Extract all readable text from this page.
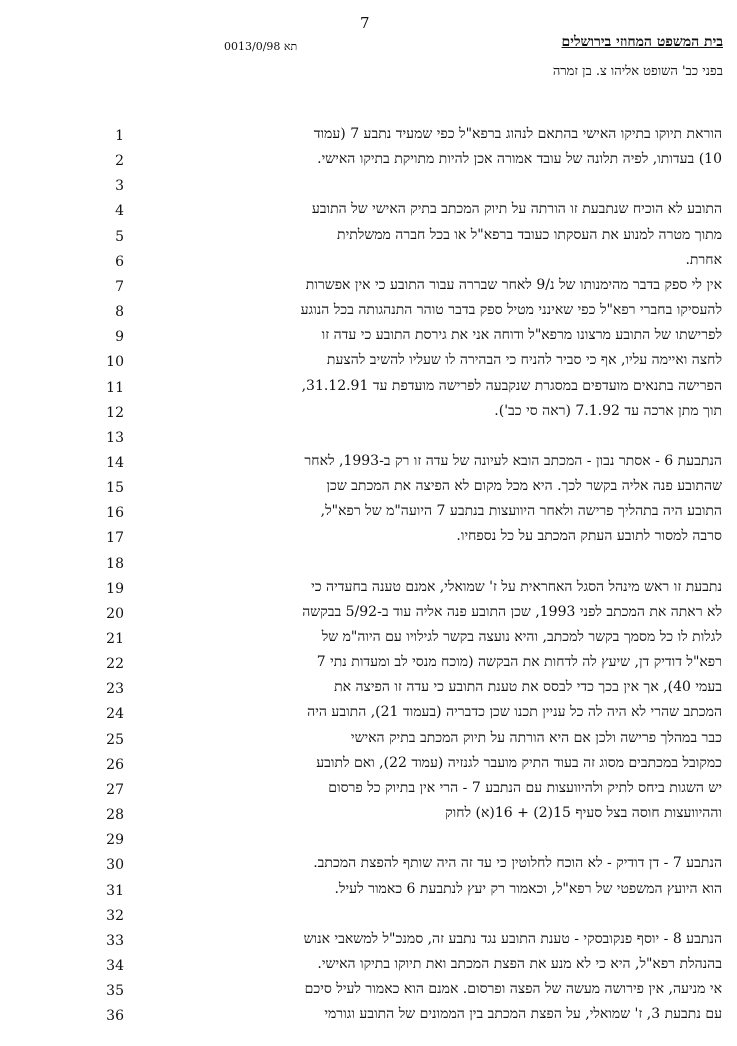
7
בית המשפט המחוזי בירושלים
תא 0013/0/98
בפני כב' השופט אליהו צ. בן זמרה
1	הוראת תיוקו בתיקו האישי בהתאם לנהוג ברפא"ל כפי שמעיד נתבע 7 (עמוד
2	10) בעדותו, לפיה תלונה של עובד אמורה אכן להיות מתויקת בתיקו האישי.
3
4	התובע לא הוכיח שנתבעת זו הורתה על תיוק המכתב בתיק האישי של התובע
5	מתוך מטרה למנוע את העסקתו כעובד ברפא"ל או בכל חברה ממשלתית
6	אחרת.
7	אין לי ספק בדבר מהימנותו של נ/9 לאחר שבררה עבור התובע כי אין אפשרות
8	להעסיקו בחברי רפא"ל כפי שאינני מטיל ספק בדבר טוהר התנהגותה בכל הנוגע
9	לפרישתו של התובע מרצונו מרפא"ל ודוחה אני את גירסת התובע כי עדה זו
10	לחצה ואיימה עליו, אף כי סביר להניח כי הבהירה לו שעליו להשיב להצעת
11	הפרישה בתנאים מועדפים במסגרת שנקבעה לפרישה מועדפת עד 31.12.91,
12	תוך מתן ארכה עד 7.1.92 (ראה סי כב').
13
14	הנתבעת 6 - אסתר נבון - המכתב הובא לעיונה של עדה זו רק ב-1993, לאחר
15	שהתובע פנה אליה בקשר לכך. היא מכל מקום לא הפיצה את המכתב שכן
16	התובע היה בתהליך פרישה ולאחר היוועצות בנתבע 7 היועה"מ של רפא"ל,
17	סרבה למסור לתובע העתק המכתב על כל נספחיו.
18
19	נתבעת זו ראש מינהל הסגל האחראית על ז' שמואלי, אמנם טענה בחעדיה כי
20	לא ראתה את המכתב לפני 1993, שכן התובע פנה אליה עוד ב-5/92 בבקשה
21	לגלות לו כל מסמך בקשר למכתב, והיא נועצה בקשר לגילויו עם היוה"מ של
22	רפא"ל דודיק דן, שיעץ לה לדחות את הבקשה (מוכח מנסי לב ומעדות נתי 7
23	בעמי 40), אך אין בכך כדי לבסס את טענת התובע כי עדה זו הפיצה את
24	המכתב שהרי לא היה לה כל עניין תכנו שכן כדבריה (בעמוד 21), התובע היה
25	כבר במהלך פרישה ולכן אם היא הורתה על תיוק המכתב בתיק האישי
26	כמקובל במכתבים מסוג זה בעוד התיק מועבר לגנזיה (עמוד 22), ואם לתובע
27	יש השגות ביחס לתיק ולהיוועצות עם הנתבע 7 - הרי אין בתיוק כל פרסום
28	וההיוועצות חוסה בצל סעיף 15(2) + 16(א) לחוק
29
30	הנתבע 7 - דן דודיק - לא הוכח לחלוטין כי עד זה היה שותף להפצת המכתב.
31	הוא היועץ המשפטי של רפא"ל, וכאמור רק יעץ לנתבעת 6 כאמור לעיל.
32
33	הנתבע 8 - יוסף פנקובסקי - טענת התובע נגד נתבע זה, סמנכ"ל למשאבי אנוש
34	בהנהלת רפא"ל, היא כי לא מנע את הפצת המכתב ואת תיוקו בתיקו האישי.
35	אי מניעה, אין פירושה מעשה של הפצה ופרסום. אמנם הוא כאמור לעיל סיכם
36	עם נתבעת 3, ז' שמואלי, על הפצת המכתב בין הממונים של התובע וגורמי
